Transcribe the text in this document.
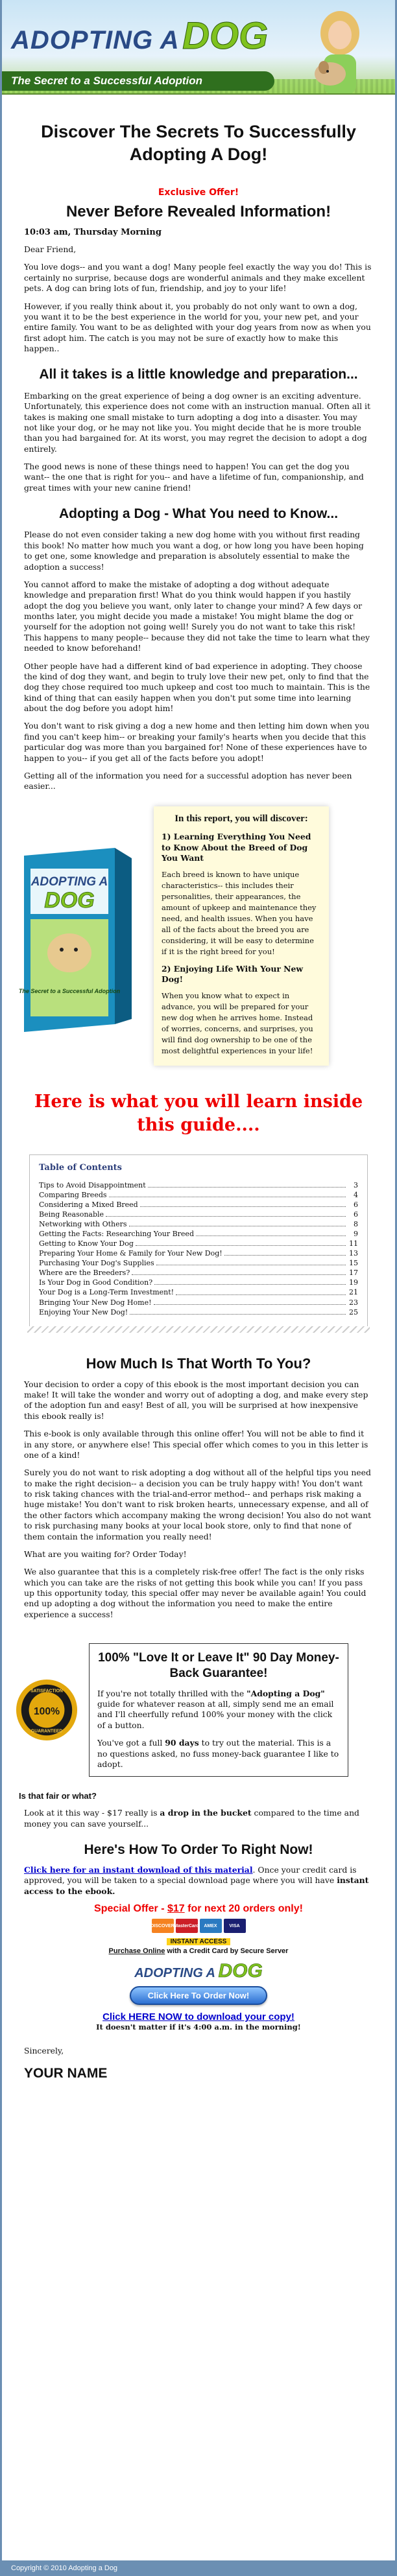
ADOPTING A DOG
The Secret to a Successful Adoption
Discover The Secrets To Successfully Adopting A Dog!
Exclusive Offer!
Never Before Revealed Information!
10:03 am, Thursday Morning

Dear Friend,

You love dogs-- and you want a dog! Many people feel exactly the way you do! This is certainly no surprise, because dogs are wonderful animals and they make excellent pets. A dog can bring lots of fun, friendship, and joy to your life!

However, if you really think about it, you probably do not only want to own a dog, you want it to be the best experience in the world for you, your new pet, and your entire family. You want to be as delighted with your dog years from now as when you first adopt him. The catch is you may not be sure of exactly how to make this happen..

All it takes is a little knowledge and preparation...

Embarking on the great experience of being a dog owner is an exciting adventure. Unfortunately, this experience does not come with an instruction manual. Often all it takes is making one small mistake to turn adopting a dog into a disaster. You may not like your dog, or he may not like you. You might decide that he is more trouble than you had bargained for. At its worst, you may regret the decision to adopt a dog entirely.

The good news is none of these things need to happen! You can get the dog you want-- the one that is right for you-- and have a lifetime of fun, companionship, and great times with your new canine friend!

Adopting a Dog - What You need to Know...

Please do not even consider taking a new dog home with you without first reading this book! No matter how much you want a dog, or how long you have been hoping to get one, some knowledge and preparation is absolutely essential to make the adoption a success!

You cannot afford to make the mistake of adopting a dog without adequate knowledge and preparation first! What do you think would happen if you hastily adopt the dog you believe you want, only later to change your mind? A few days or months later, you might decide you made a mistake! You might blame the dog or yourself for the adoption not going well! Surely you do not want to take this risk! This happens to many people-- because they did not take the time to learn what they needed to know beforehand!

Other people have had a different kind of bad experience in adopting. They choose the kind of dog they want, and begin to truly love their new pet, only to find that the dog they chose required too much upkeep and cost too much to maintain. This is the kind of thing that can easily happen when you don't put some time into learning about the dog before you adopt him!

You don't want to risk giving a dog a new home and then letting him down when you find you can't keep him-- or breaking your family's hearts when you decide that this particular dog was more than you bargained for! None of these experiences have to happen to you-- if you get all of the facts before you adopt!

Getting all of the information you need for a successful adoption has never been easier...

ADOPTING A
DOG
The Secret to a Successful Adoption
In this report, you will discover:
1) Learning Everything You Need to Know About the Breed of Dog You Want
Each breed is known to have unique characteristics-- this includes their personalities, their appearances, the amount of upkeep and maintenance they need, and health issues. When you have all of the facts about the breed you are considering, it will be easy to determine if it is the right breed for you!
2) Enjoying Life With Your New Dog!
When you know what to expect in advance, you will be prepared for your new dog when he arrives home. Instead of worries, concerns, and surprises, you will find dog ownership to be one of the most delightful experiences in your life!
Here is what you will learn inside this guide....
Table of Contents
Tips to Avoid Disappointment	3
Comparing Breeds	4
Considering a Mixed Breed	6
Being Reasonable	6
Networking with Others	8
Getting the Facts: Researching Your Breed	9
Getting to Know Your Dog	11
Preparing Your Home & Family for Your New Dog!	13
Purchasing Your Dog's Supplies	15
Where are the Breeders?	17
Is Your Dog in Good Condition?	19
Your Dog is a Long-Term Investment!	21
Bringing Your New Dog Home!	23
Enjoying Your New Dog!	25
How Much Is That Worth To You?

Your decision to order a copy of this ebook is the most important decision you can make! It will take the wonder and worry out of adopting a dog, and make every step of the adoption fun and easy! Best of all, you will be surprised at how inexpensive this ebook really is!

This e-book is only available through this online offer! You will not be able to find it in any store, or anywhere else! This special offer which comes to you in this letter is one of a kind!

Surely you do not want to risk adopting a dog without all of the helpful tips you need to make the right decision-- a decision you can be truly happy with! You don't want to risk taking chances with the trial-and-error method-- and perhaps risk making a huge mistake! You don't want to risk broken hearts, unnecessary expense, and all of the other factors which accompany making the wrong decision! You also do not want to risk purchasing many books at your local book store, only to find that none of them contain the information you really need!

What are you waiting for? Order Today!

We also guarantee that this is a completely risk-free offer! The fact is the only risks which you can take are the risks of not getting this book while you can! If you pass up this opportunity today, this special offer may never be available again! You could end up adopting a dog without the information you need to make the entire experience a success!

SATISFACTION
100%
GUARANTEED
100% "Love It or Leave It" 90 Day Money-Back Guarantee!

If you're not totally thrilled with the "Adopting a Dog" guide for whatever reason at all, simply send me an email and I'll cheerfully refund 100% your money with the click of a button.

You've got a full 90 days to try out the material. This is a no questions asked, no fuss money-back guarantee I like to adopt.

Is that fair or what?

Look at it this way - $17 really is a drop in the bucket compared to the time and money you can save yourself...

Here's How To Order To Right Now!

Click here for an instant download of this material. Once your credit card is approved, you will be taken to a special download page where you will have instant access to the ebook.

Special Offer - $17 for next 20 orders only!
DISCOVER MasterCard	AMEX	VISA
INSTANT ACCESS
Purchase Online with a Credit Card by Secure Server
ADOPTING A DOG
Click Here To Order Now!
Click HERE NOW to download your copy!
It doesn't matter if it's 4:00 a.m. in the morning!
Sincerely,
YOUR NAME
Copyright © 2010 Adopting a Dog
